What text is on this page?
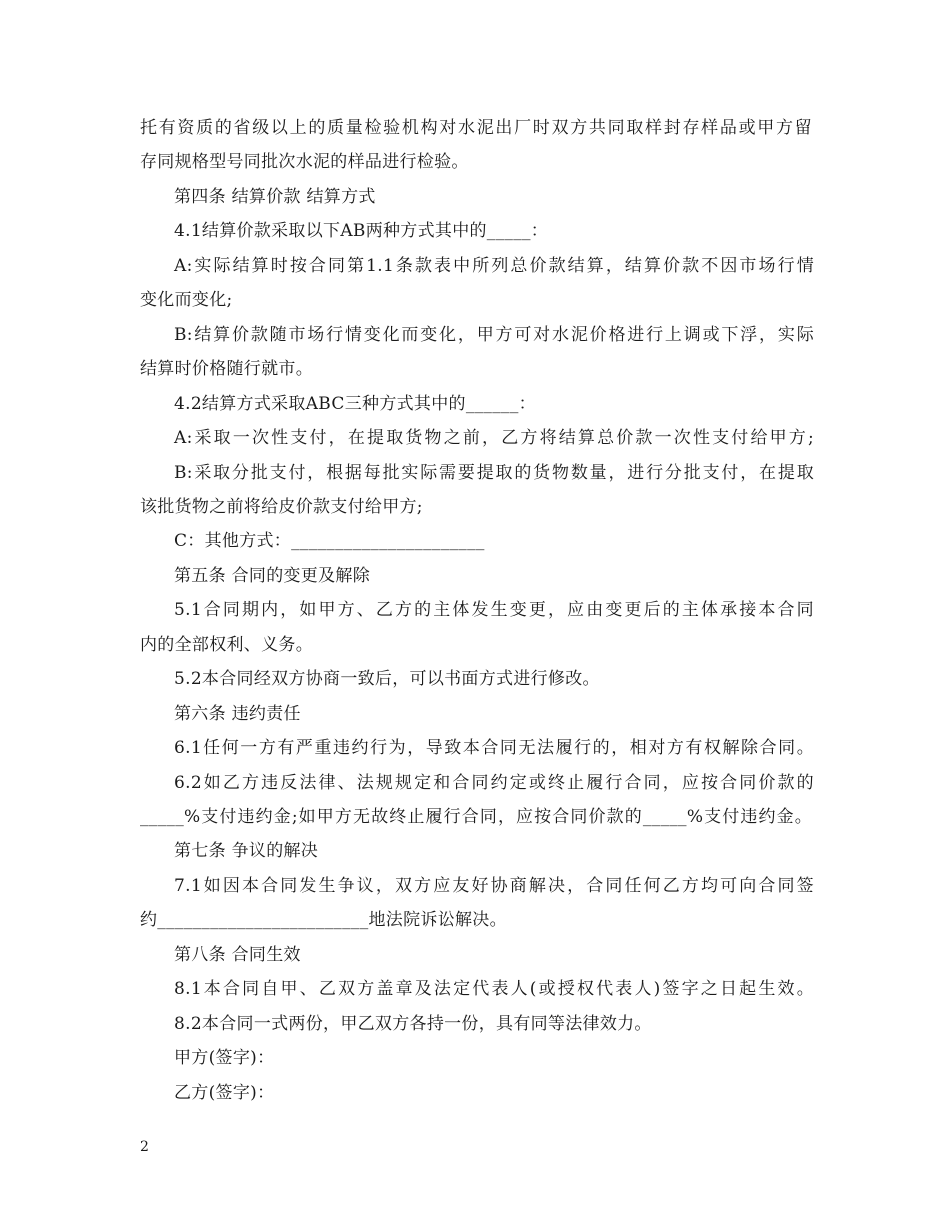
托有资质的省级以上的质量检验机构对水泥出厂时双方共同取样封存样品或甲方留
存同规格型号同批次水泥的样品进行检验。
第四条 结算价款 结算方式
4.1结算价款采取以下AB两种方式其中的_____：
A:实际结算时按合同第1.1条款表中所列总价款结算，结算价款不因市场行情
变化而变化;
B:结算价款随市场行情变化而变化，甲方可对水泥价格进行上调或下浮，实际
结算时价格随行就市。
4.2结算方式采取ABC三种方式其中的______：
A:采取一次性支付，在提取货物之前，乙方将结算总价款一次性支付给甲方;
B:采取分批支付，根据每批实际需要提取的货物数量，进行分批支付，在提取
该批货物之前将给皮价款支付给甲方;
C：其他方式：______________________
第五条 合同的变更及解除
5.1合同期内，如甲方、乙方的主体发生变更，应由变更后的主体承接本合同
内的全部权利、义务。
5.2本合同经双方协商一致后，可以书面方式进行修改。
第六条 违约责任
6.1任何一方有严重违约行为，导致本合同无法履行的，相对方有权解除合同。
6.2如乙方违反法律、法规规定和合同约定或终止履行合同，应按合同价款的
_____%支付违约金;如甲方无故终止履行合同，应按合同价款的_____%支付违约金。
第七条 争议的解决
7.1如因本合同发生争议，双方应友好协商解决，合同任何乙方均可向合同签
约________________________地法院诉讼解决。
第八条 合同生效
8.1本合同自甲、乙双方盖章及法定代表人(或授权代表人)签字之日起生效。
8.2本合同一式两份，甲乙双方各持一份，具有同等法律效力。
甲方(签字)：
乙方(签字)：
2
